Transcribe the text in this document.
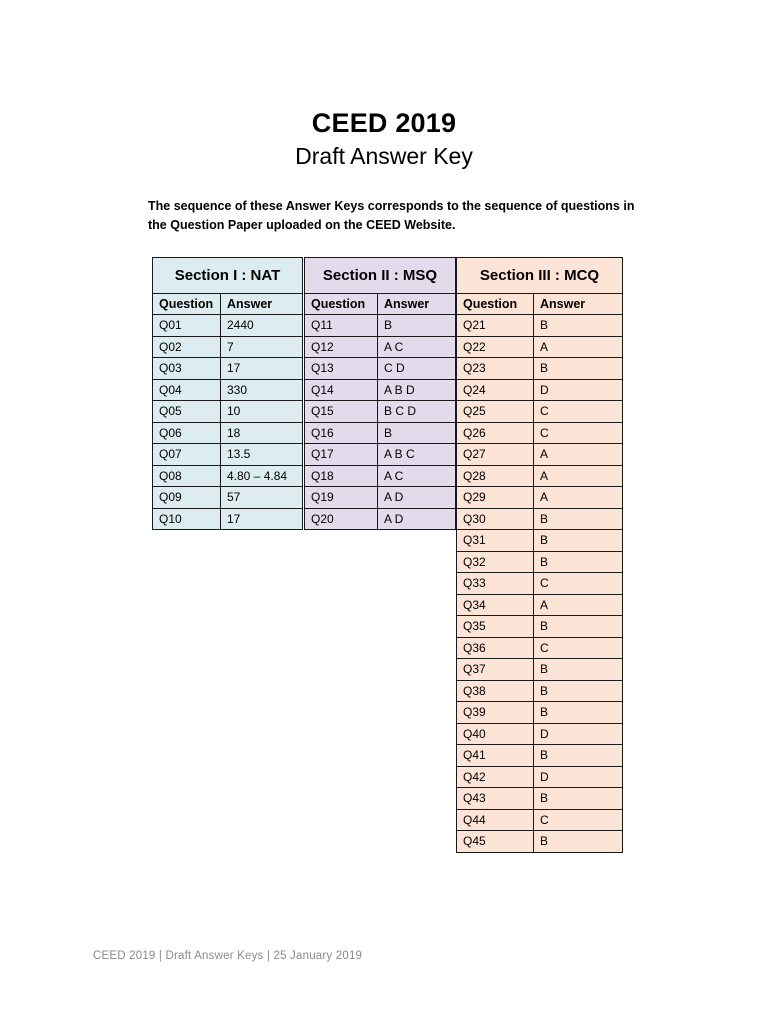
CEED 2019
Draft Answer Key
The sequence of these Answer Keys corresponds to the sequence of questions in the Question Paper uploaded on the CEED Website.
Section I : NAT	
Question	Answer
Q01	2440
Q02	7
Q03	17
Q04	330
Q05	10
Q06	18
Q07	13.5
Q08	4.80 – 4.84
Q09	57
Q10	17
Section II : MSQ	
Question	Answer
Q11	B
Q12	A C
Q13	C D
Q14	A B D
Q15	B C D
Q16	B
Q17	A B C
Q18	A C
Q19	A D
Q20	A D
Section III : MCQ	
Question	Answer
Q21	B
Q22	A
Q23	B
Q24	D
Q25	C
Q26	C
Q27	A
Q28	A
Q29	A
Q30	B
Q31	B
Q32	B
Q33	C
Q34	A
Q35	B
Q36	C
Q37	B
Q38	B
Q39	B
Q40	D
Q41	B
Q42	D
Q43	B
Q44	C
Q45	B
CEED 2019 | Draft Answer Keys | 25 January 2019
